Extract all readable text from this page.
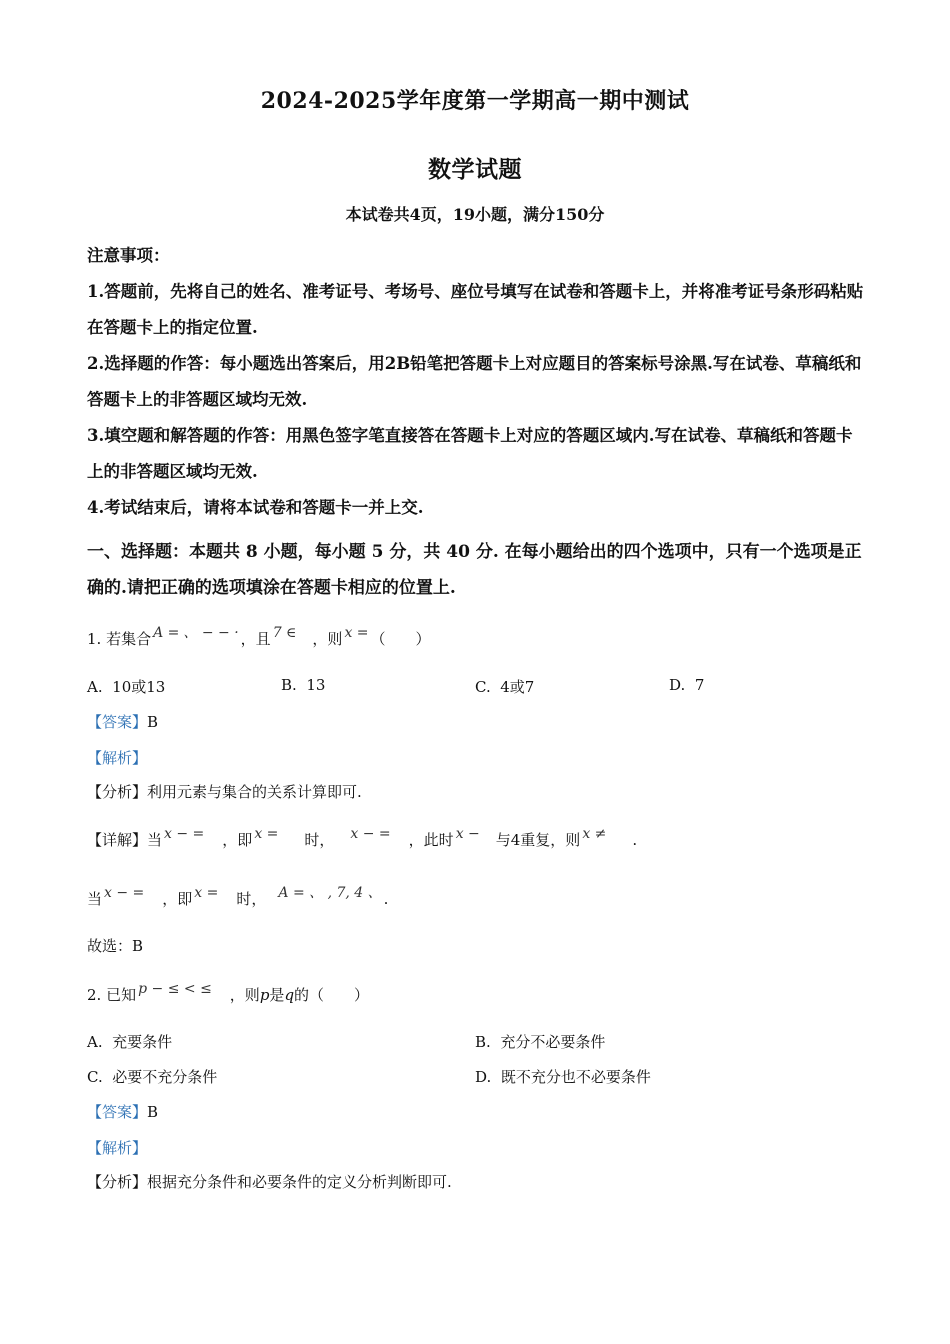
2024-2025学年度第一学期高一期中测试
数学试题
本试卷共4页，19小题，满分150分

注意事项：

1.答题前，先将自己的姓名、准考证号、考场号、座位号填写在试卷和答题卡上，并将准考证号条形码粘贴在答题卡上的指定位置.

2.选择题的作答：每小题选出答案后，用2B铅笔把答题卡上对应题目的答案标号涂黑.写在试卷、草稿纸和答题卡上的非答题区域均无效.

3.填空题和解答题的作答：用黑色签字笔直接答在答题卡上对应的答题区域内.写在试卷、草稿纸和答题卡上的非答题区域均无效.

4.考试结束后，请将本试卷和答题卡一并上交.

一、选择题：本题共 8 小题，每小题 5 分，共 40 分. 在每小题给出的四个选项中，只有一个选项是正确的.请把正确的选项填涂在答题卡相应的位置上.

1. 若集合 A = 、 − − · ，且 7 ∈ ，则 x = （　　）
A. 10或13	B. 13	C. 4或7	D. 7
【答案】B
【解析】
【分析】利用元素与集合的关系计算即可.
【详解】当 x − = ，即 x = 时， x − = ，此时 x − 与4重复，则 x ≠ .
当 x − = ，即 x = 时， A = 、 , 7, 4 、 .
故选：B
2. 已知 p − ≤ < ≤ ，则p是q的（　　）
A. 充要条件	B. 充分不必要条件
C. 必要不充分条件	D. 既不充分也不必要条件
【答案】B
【解析】
【分析】根据充分条件和必要条件的定义分析判断即可.
